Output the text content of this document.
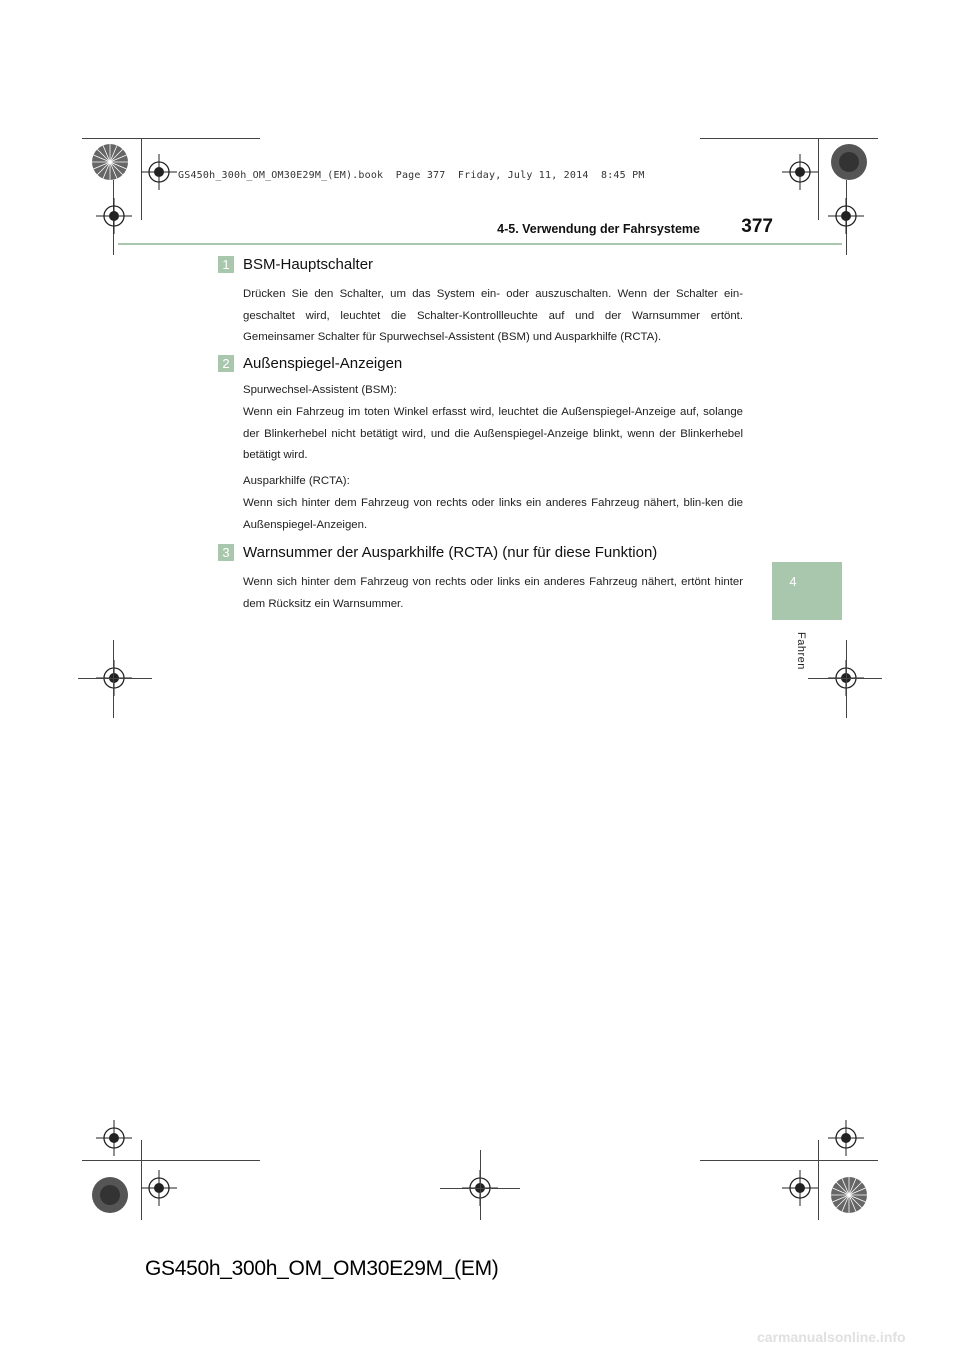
GS450h_300h_OM_OM30E29M_(EM).book  Page 377  Friday, July 11, 2014  8:45 PM
4-5. Verwendung der Fahrsysteme	377
4
Fahren
1 BSM-Hauptschalter

Drücken Sie den Schalter, um das System ein- oder auszuschalten. Wenn der Schalter ein-geschaltet wird, leuchtet die Schalter-Kontrollleuchte auf und der Warnsummer ertönt. Gemeinsamer Schalter für Spurwechsel-Assistent (BSM) und Ausparkhilfe (RCTA).

2 Außenspiegel-Anzeigen

Spurwechsel-Assistent (BSM):

Wenn ein Fahrzeug im toten Winkel erfasst wird, leuchtet die Außenspiegel-Anzeige auf, solange der Blinkerhebel nicht betätigt wird, und die Außenspiegel-Anzeige blinkt, wenn der Blinkerhebel betätigt wird.

Ausparkhilfe (RCTA):

Wenn sich hinter dem Fahrzeug von rechts oder links ein anderes Fahrzeug nähert, blin-ken die Außenspiegel-Anzeigen.

3 Warnsummer der Ausparkhilfe (RCTA) (nur für diese Funktion)

Wenn sich hinter dem Fahrzeug von rechts oder links ein anderes Fahrzeug nähert, ertönt hinter dem Rücksitz ein Warnsummer.

GS450h_300h_OM_OM30E29M_(EM)
carmanualsonline.info
